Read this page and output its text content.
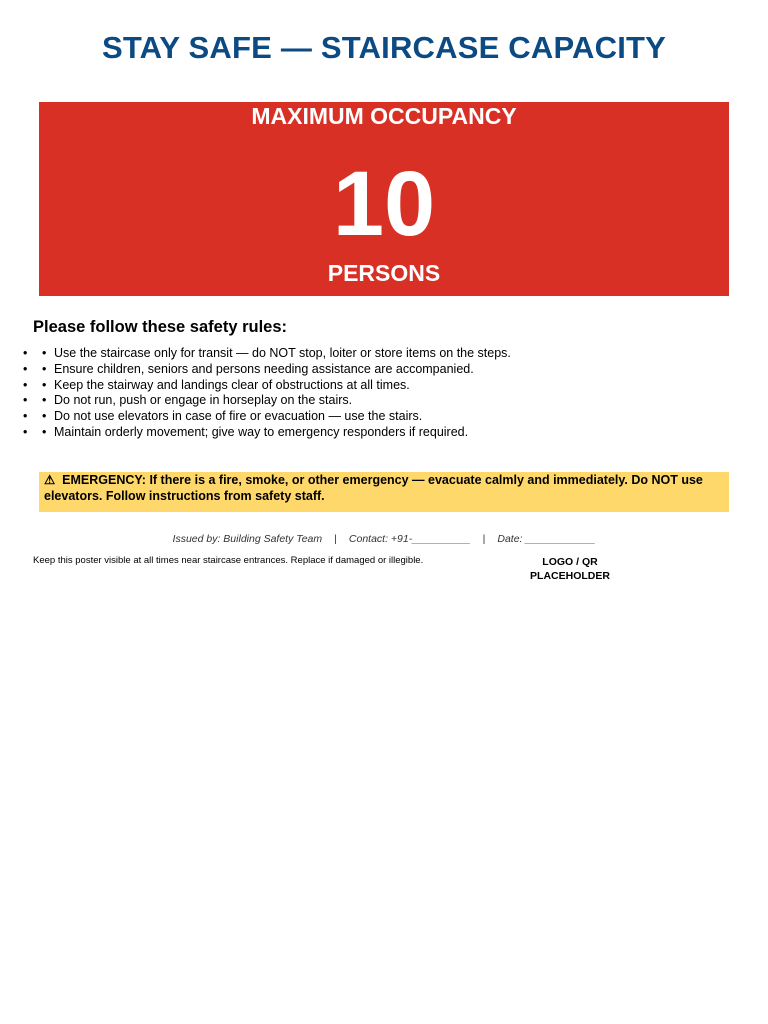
STAY SAFE — STAIRCASE CAPACITY
MAXIMUM OCCUPANCY
10
PERSONS
Please follow these safety rules:
• • Use the staircase only for transit — do NOT stop, loiter or store items on the steps.
• • Ensure children, seniors and persons needing assistance are accompanied.
• • Keep the stairway and landings clear of obstructions at all times.
• • Do not run, push or engage in horseplay on the stairs.
• • Do not use elevators in case of fire or evacuation — use the stairs.
• • Maintain orderly movement; give way to emergency responders if required.
⚠ EMERGENCY: If there is a fire, smoke, or other emergency — evacuate calmly and immediately. Do NOT use elevators. Follow instructions from safety staff.
Issued by: Building Safety Team | Contact: +91-__________ | Date: ____________
Keep this poster visible at all times near staircase entrances. Replace if damaged or illegible.	LOGO / QR
PLACEHOLDER
